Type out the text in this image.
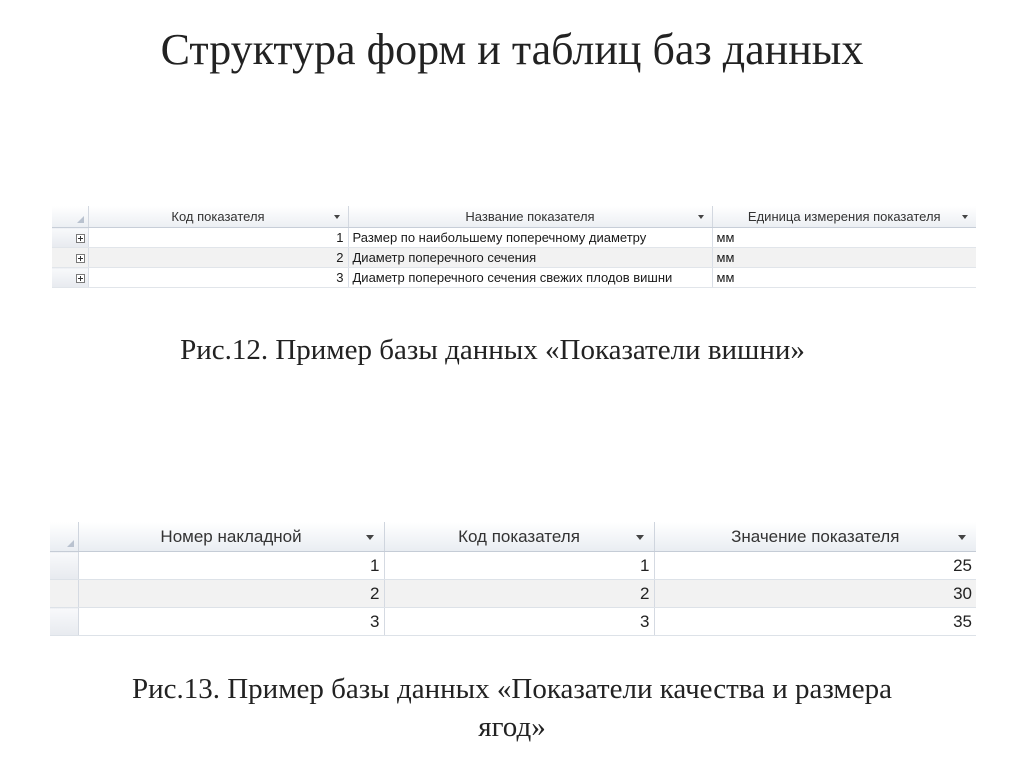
Структура форм и таблиц баз данных
	Код показателя	Название показателя	Единица измерения показателя

	1	Размер по наибольшему поперечному диаметру	мм
	2	Диаметр поперечного сечения	мм
	3	Диаметр поперечного сечения свежих плодов вишни	мм
Рис.12. Пример базы данных «Показатели вишни»
	Номер накладной	Код показателя	Значение показателя

	1	1	25
	2	2	30
	3	3	35
Рис.13. Пример базы данных «Показатели качества и размера
ягод»
